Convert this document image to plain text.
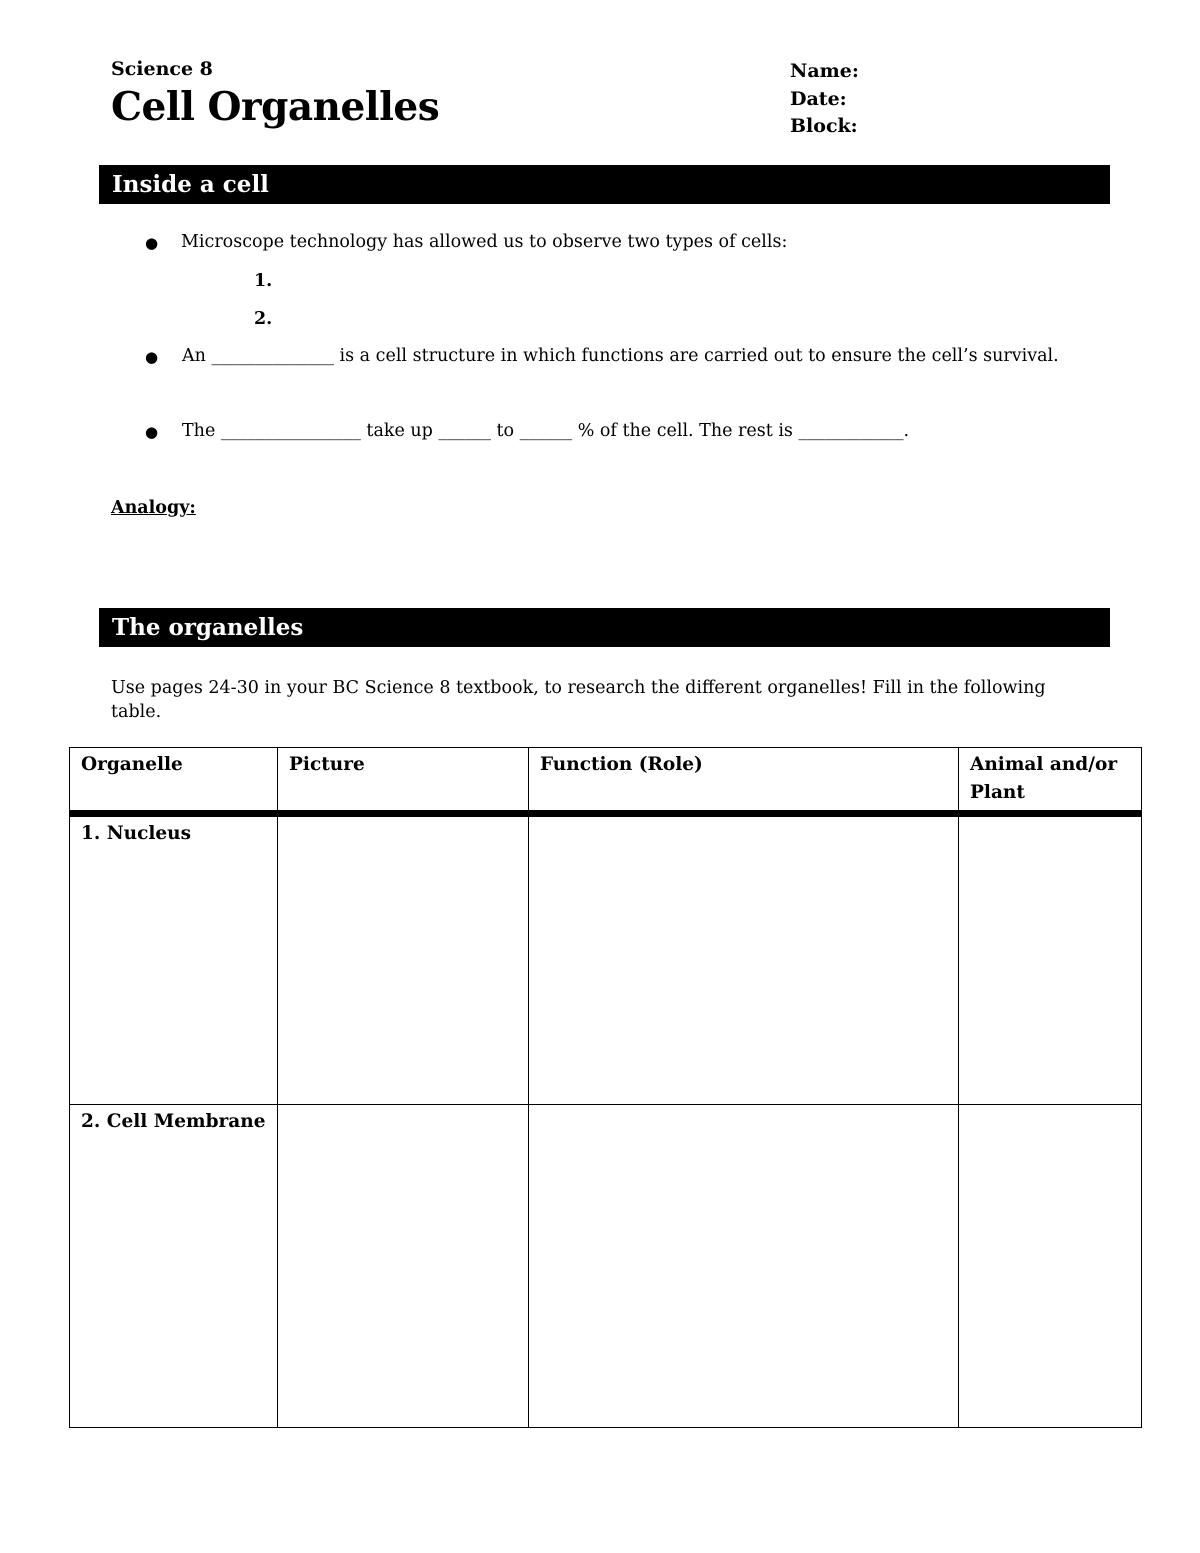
Science 8
Cell Organelles
Name:
Date:
Block:
Inside a cell
● Microscope technology has allowed us to observe two types of cells:
1.
2.
● An ______________ is a cell structure in which functions are carried out to ensure the cell’s survival.
● The ________________ take up ______ to ______ % of the cell. The rest is ____________.
Analogy:
The organelles
Use pages 24-30 in your BC Science 8 textbook, to research the different organelles! Fill in the following table.
Organelle	Picture	Function (Role)	Animal and/or Plant
1. Nucleus			
2. Cell Membrane			
